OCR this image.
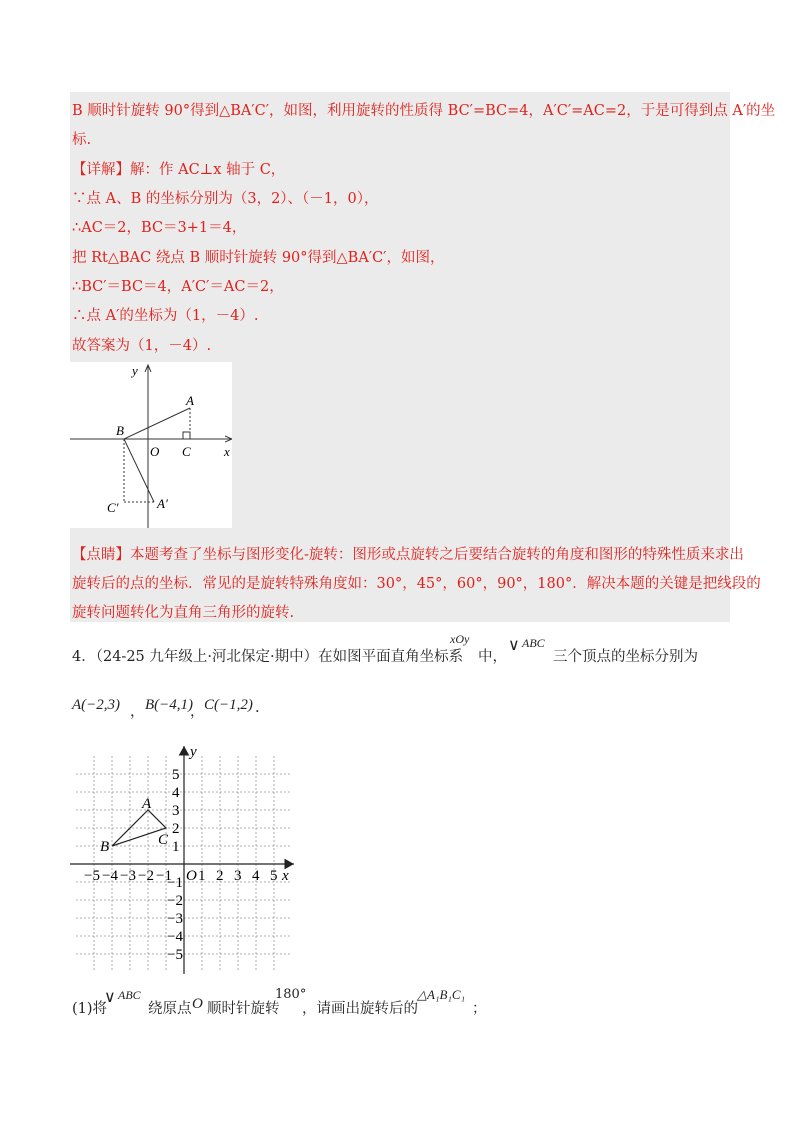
B 顺时针旋转 90°得到△BA′C′，如图，利用旋转的性质得 BC′=BC=4，A′C′=AC=2，于是可得到点 A′的坐
标.
【详解】解：作 AC⊥x 轴于 C，
∵点 A、B 的坐标分别为（3，2）、（－1，0），
∴AC＝2，BC＝3+1＝4，
把 Rt△BAC 绕点 B 顺时针旋转 90°得到△BA′C′，如图，
∴BC′＝BC＝4，A′C′＝AC＝2，
∴点 A′的坐标为（1，－4）.
故答案为（1，－4）.
y
x
A
B
O C
C′	A′
【点睛】本题考查了坐标与图形变化-旋转：图形或点旋转之后要结合旋转的角度和图形的特殊性质来求出
旋转后的点的坐标．常见的是旋转特殊角度如：30°，45°，60°，90°，180°．解决本题的关键是把线段的
旋转问题转化为直角三角形的旋转.
4．（24-25 九年级上·河北保定·期中）在如图平面直角坐标系
xOy
中，
∨ ABC
三个顶点的坐标分别为
A(−2,3) ， B(−4,1)
， C(−1,2) .
y
x
O
A
B	C
−5 −4 −3 −2 −1 1 2 3 4 5
5
4
3
2
1
−1
−2
−3
−4
−5
(1)将
∨ ABC
绕原点 O 顺时针旋转
180°
，请画出旋转后的
△A₁B₁C₁
；
